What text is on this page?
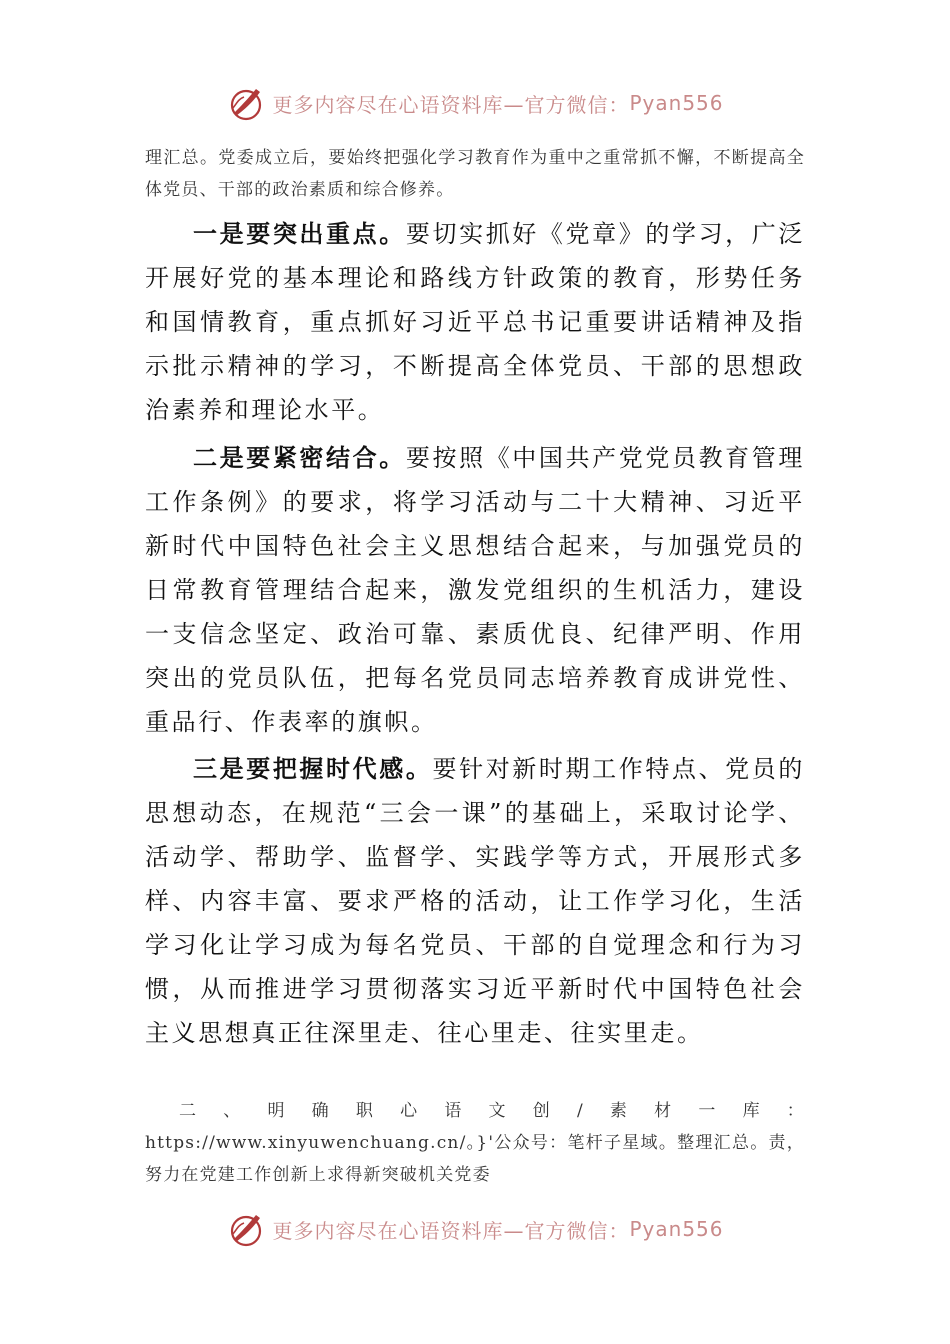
更多内容尽在心语资料库—官方微信： Pyan556
理汇总。党委成立后，要始终把强化学习教育作为重中之重常抓不懈，不断提高全体党员、干部的政治素质和综合修养。
一是要突出重点。要切实抓好《党章》的学习，广泛开展好党的基本理论和路线方针政策的教育，形势任务和国情教育，重点抓好习近平总书记重要讲话精神及指示批示精神的学习，不断提高全体党员、干部的思想政治素养和理论水平。
二是要紧密结合。要按照《中国共产党党员教育管理工作条例》的要求，将学习活动与二十大精神、习近平新时代中国特色社会主义思想结合起来，与加强党员的日常教育管理结合起来，激发党组织的生机活力，建设一支信念坚定、政治可靠、素质优良、纪律严明、作用突出的党员队伍，把每名党员同志培养教育成讲党性、重品行、作表率的旗帜。
三是要把握时代感。要针对新时期工作特点、党员的思想动态，在规范“三会一课”的基础上，采取讨论学、活动学、帮助学、监督学、实践学等方式，开展形式多样、内容丰富、要求严格的活动，让工作学习化，生活学习化让学习成为每名党员、干部的自觉理念和行为习惯，从而推进学习贯彻落实习近平新时代中国特色社会主义思想真正往深里走、往心里走、往实里走。
二、明确职心语文创/素材一库：https://www.xinyuwenchuang.cn/。}'公众号：笔杆子星域。整理汇总。责，努力在党建工作创新上求得新突破机关党委
更多内容尽在心语资料库—官方微信： Pyan556
